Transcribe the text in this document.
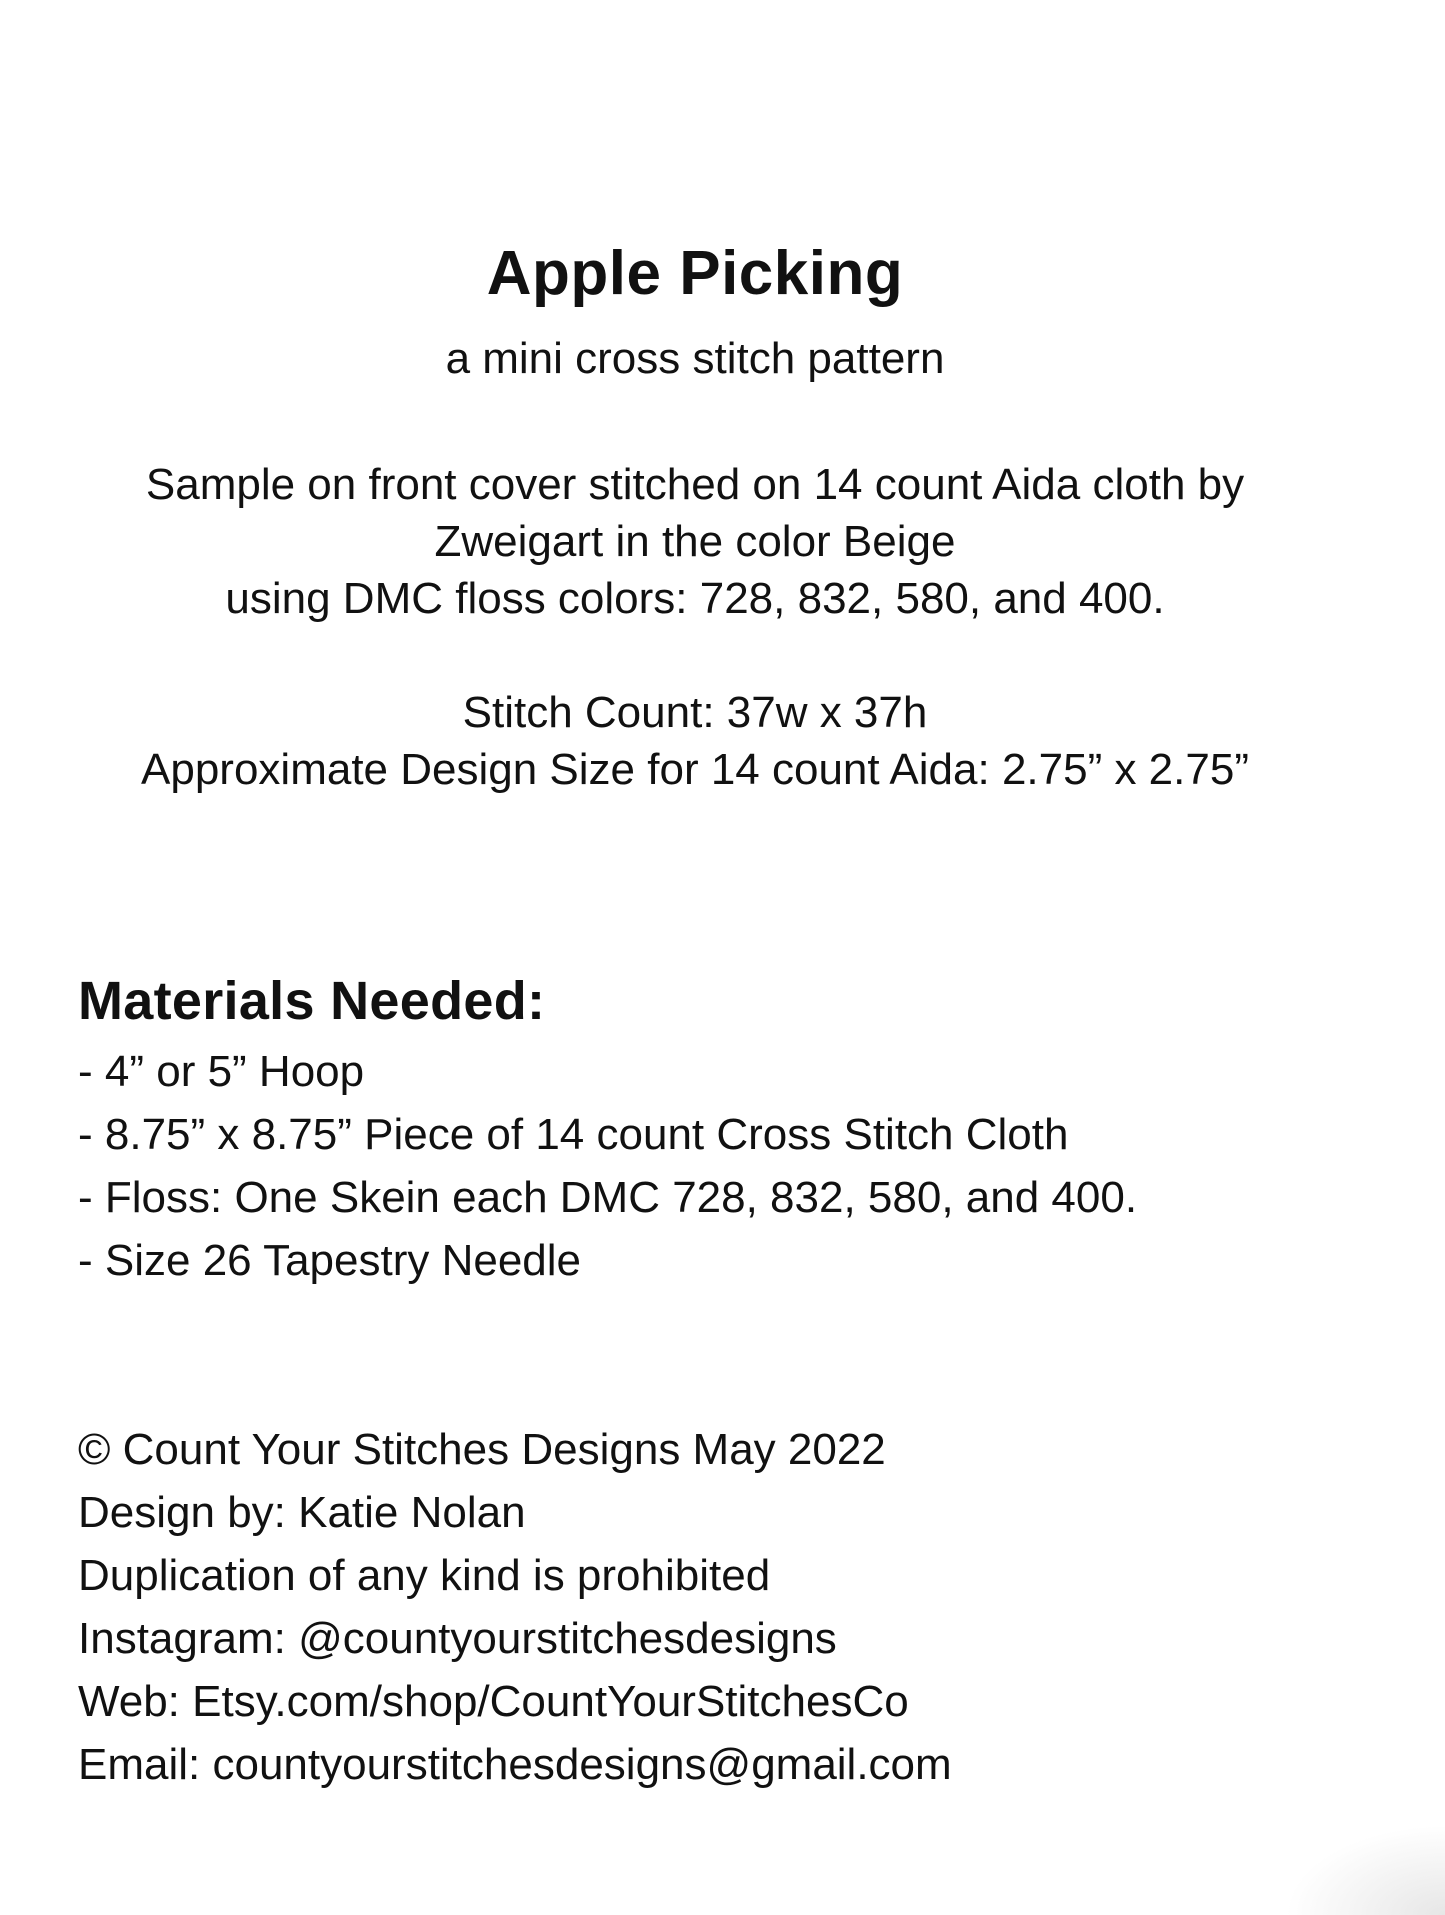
Apple Picking
a mini cross stitch pattern
Sample on front cover stitched on 14 count Aida cloth by
Zweigart in the color Beige
using DMC floss colors: 728, 832, 580, and 400.
Stitch Count: 37w x 37h
Approximate Design Size for 14 count Aida: 2.75” x 2.75”
Materials Needed:
- 4” or 5” Hoop
- 8.75” x 8.75” Piece of 14 count Cross Stitch Cloth
- Floss: One Skein each DMC 728, 832, 580, and 400.
- Size 26 Tapestry Needle
© Count Your Stitches Designs May 2022
Design by: Katie Nolan
Duplication of any kind is prohibited
Instagram: @countyourstitchesdesigns
Web: Etsy.com/shop/CountYourStitchesCo
Email: countyourstitchesdesigns@gmail.com
